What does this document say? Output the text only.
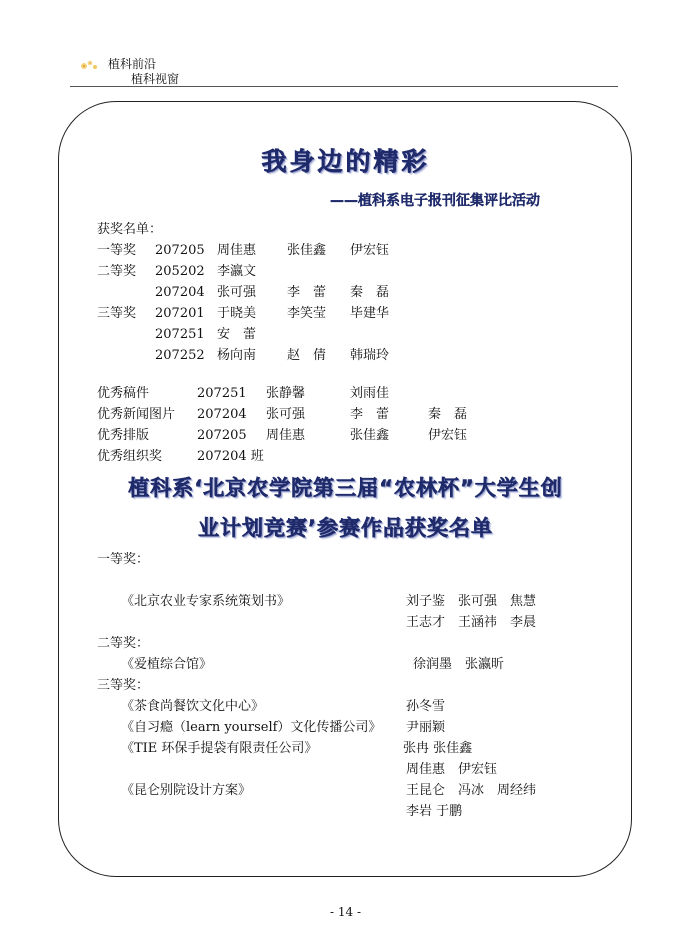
植科前沿
植科视窗
我身边的精彩
——植科系电子报刊征集评比活动
获奖名单：
一等奖 207205 周佳惠 张佳鑫 伊宏钰
二等奖 205202 李瀛文
207204 张可强 李　蕾 秦　磊
三等奖 207201 于晓美 李笑莹 毕建华
207251 安　蕾
207252 杨向南 赵　倩 韩瑞玲
优秀稿件	207251 张静馨	刘雨佳
优秀新闻图片 207204 张可强	李　蕾	秦　磊
优秀排版	207205 周佳惠	张佳鑫	伊宏钰
优秀组织奖	207204 班
植科系‘北京农学院第三届“农林杯”大学生创
业计划竞赛’参赛作品获奖名单
一等奖：
《北京农业专家系统策划书》	刘子鉴　张可强　焦慧
王志才　王涵祎　李晨
二等奖：
《爱植综合馆》	徐润墨　张瀛昕
三等奖：
《茶食尚餐饮文化中心》	孙冬雪
《自习瘾（learn yourself）文化传播公司》 尹丽颖
《TIE 环保手提袋有限责任公司》	张冉 张佳鑫
周佳惠　伊宏钰
《昆仑别院设计方案》	王昆仑　冯冰　周经纬
李岩 于鹏
- 14 -
